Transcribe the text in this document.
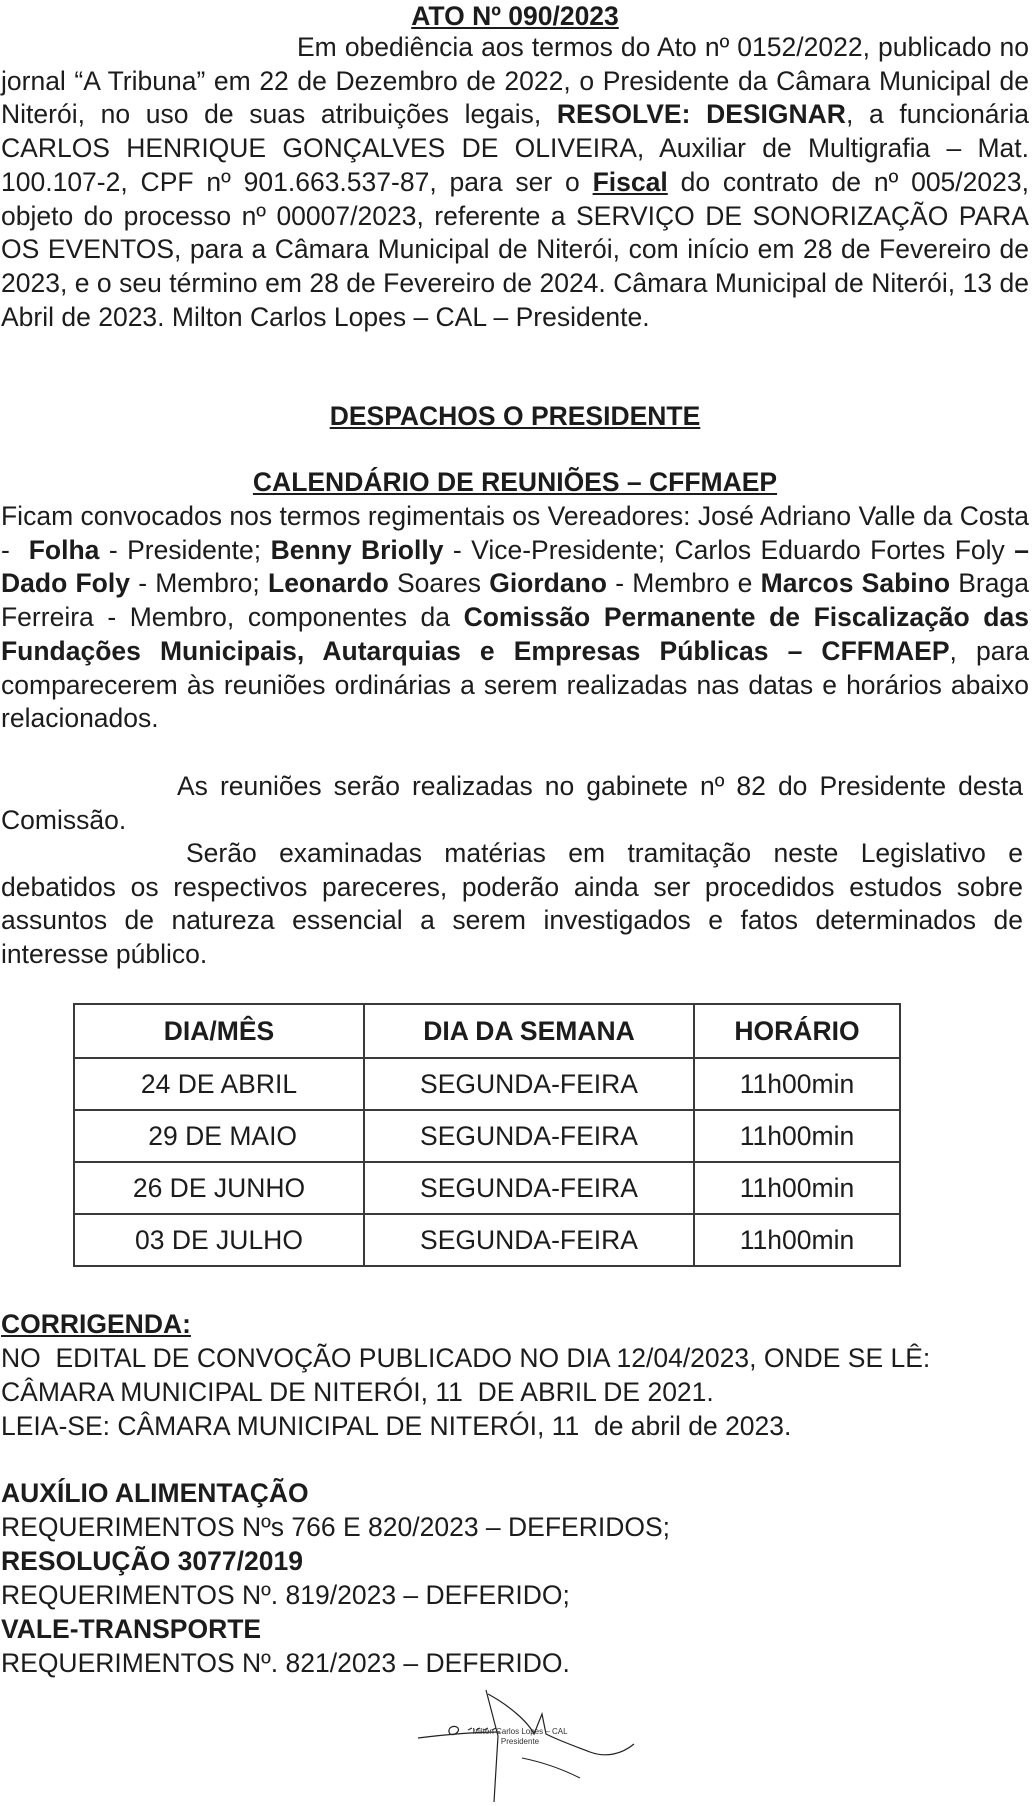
ATO Nº 090/2023

Em obediência aos termos do Ato nº 0152/2022, publicado no jornal “A Tribuna” em 22 de Dezembro de 2022, o Presidente da Câmara Municipal de Niterói, no uso de suas atribuições legais, RESOLVE: DESIGNAR, a funcionária CARLOS HENRIQUE GONÇALVES DE OLIVEIRA, Auxiliar de Multigrafia – Mat. 100.107-2, CPF nº 901.663.537-87, para ser o Fiscal do contrato de nº 005/2023, objeto do processo nº 00007/2023, referente a SERVIÇO DE SONORIZAÇÃO PARA OS EVENTOS, para a Câmara Municipal de Niterói, com início em 28 de Fevereiro de 2023, e o seu término em 28 de Fevereiro de 2024. Câmara Municipal de Niterói, 13 de Abril de 2023. Milton Carlos Lopes – CAL – Presidente.

DESPACHOS O PRESIDENTE
CALENDÁRIO DE REUNIÕES – CFFMAEP

Ficam convocados nos termos regimentais os Vereadores: José Adriano Valle da Costa - Folha - Presidente; Benny Briolly - Vice-Presidente; Carlos Eduardo Fortes Foly – Dado Foly - Membro; Leonardo Soares Giordano - Membro e Marcos Sabino Braga Ferreira - Membro, componentes da Comissão Permanente de Fiscalização das Fundações Municipais, Autarquias e Empresas Públicas – CFFMAEP, para comparecerem às reuniões ordinárias a serem realizadas nas datas e horários abaixo relacionados.

As reuniões serão realizadas no gabinete nº 82 do Presidente desta Comissão.

Serão examinadas matérias em tramitação neste Legislativo e debatidos os respectivos pareceres, poderão ainda ser procedidos estudos sobre assuntos de natureza essencial a serem investigados e fatos determinados de interesse público.

DIA/MÊS	DIA DA SEMANA	HORÁRIO
24 DE ABRIL	SEGUNDA-FEIRA	11h00min
29 DE MAIO	SEGUNDA-FEIRA	11h00min
26 DE JUNHO	SEGUNDA-FEIRA	11h00min
03 DE JULHO	SEGUNDA-FEIRA	11h00min
CORRIGENDA:
NO  EDITAL DE CONVOÇÃO PUBLICADO NO DIA 12/04/2023, ONDE SE LÊ:
CÂMARA MUNICIPAL DE NITERÓI, 11  DE ABRIL DE 2021.
LEIA-SE: CÂMARA MUNICIPAL DE NITERÓI, 11  de abril de 2023.
AUXÍLIO ALIMENTAÇÃO
REQUERIMENTOS Nºs 766 E 820/2023 – DEFERIDOS;
RESOLUÇÃO 3077/2019
REQUERIMENTOS Nº. 819/2023 – DEFERIDO;
VALE-TRANSPORTE
REQUERIMENTOS Nº. 821/2023 – DEFERIDO.
Milton Carlos Lopes – CAL
Presidente
